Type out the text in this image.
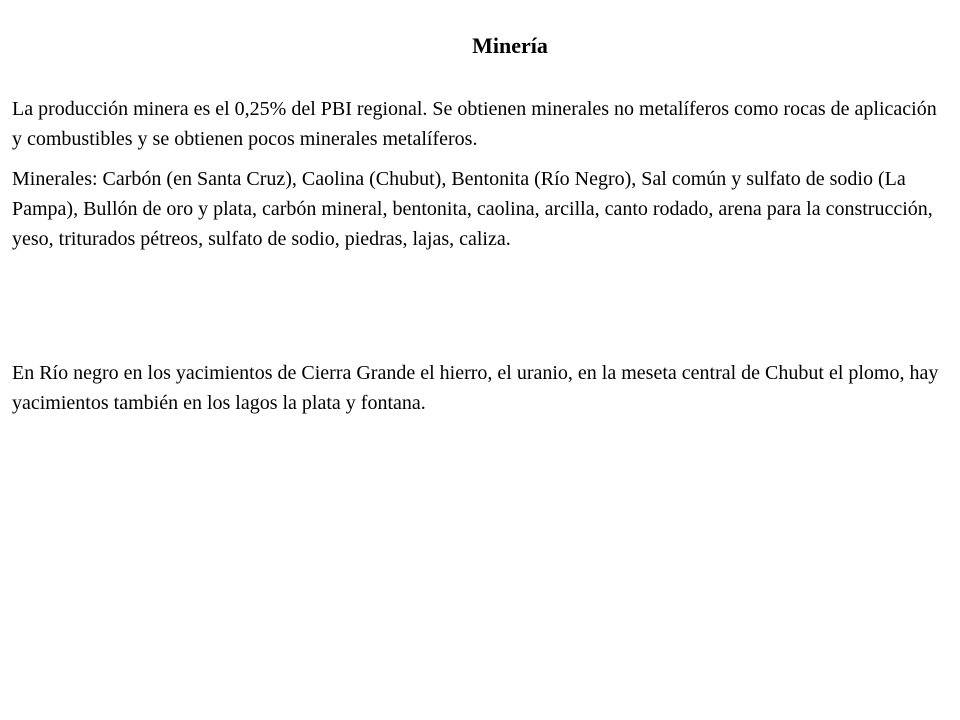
Minería

La producción minera es el 0,25% del PBI regional. Se obtienen minerales no metalíferos como rocas de aplicación y combustibles y se obtienen pocos minerales metalíferos.

Minerales: Carbón (en Santa Cruz), Caolina (Chubut), Bentonita (Río Negro), Sal común y sulfato de sodio (La Pampa), Bullón de oro y plata, carbón mineral, bentonita, caolina, arcilla, canto rodado, arena para la construcción, yeso, triturados pétreos, sulfato de sodio, piedras, lajas, caliza.

En Río negro en los yacimientos de Cierra Grande el hierro, el uranio, en la meseta central de Chubut el plomo, hay yacimientos también en los lagos la plata y fontana.
